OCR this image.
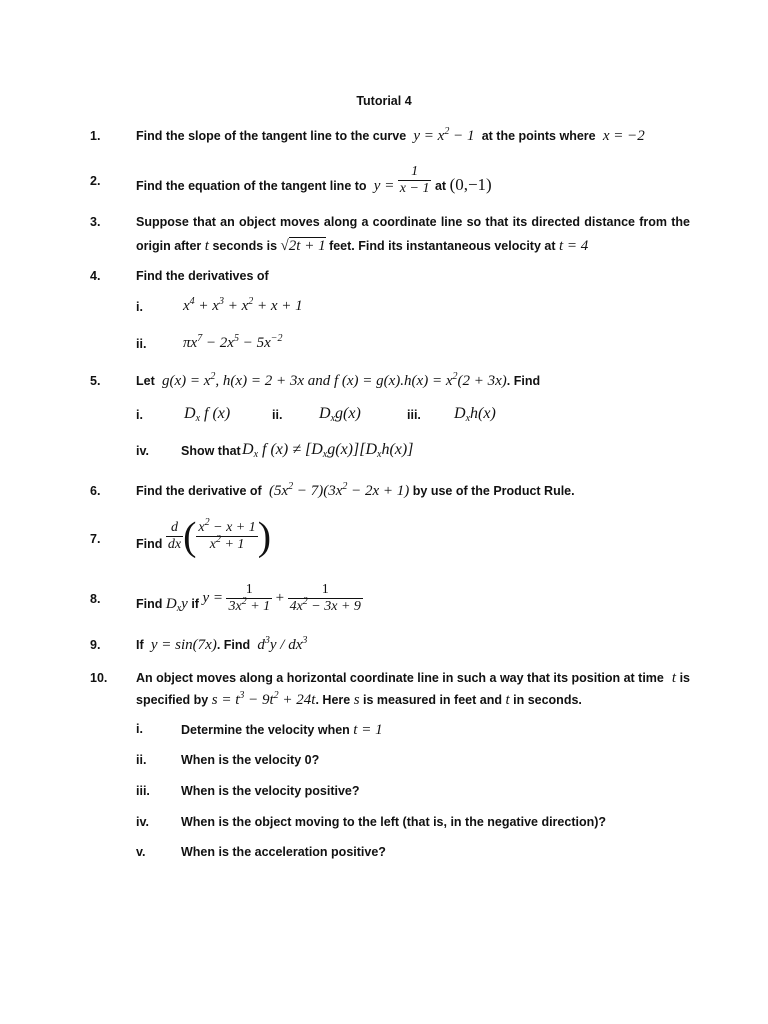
Tutorial 4
1.	Find the slope of the tangent line to the curve  $y = x^2 - 1$  at the points where  x = −2
2.	Find the equation of the tangent line to  $y = \frac{1}{x - 1}$ at (0,−1)
3.	Suppose that an object moves along a coordinate line so that its directed distance from the
origin after t seconds is √2t + 1 feet. Find its instantaneous velocity at t = 4
4.	Find the derivatives of
i.	$x^4 + x^3 + x^2 + x + 1$
ii. $\pi x^7 - 2x^5 - 5x^{-2}$
5.	Let  $g(x) = x^2$, h(x) = 2 + 3x and f $(x) = g(x).h(x) = x^2(2 + 3x)$. Find
i.	$D_x$ f (x)	ii. $D_xg(x)$	iii. $D_xh(x)$
iv.	Show that $D_x$ f $(x) \ne [D_xg(x)][D_xh(x)]$
6.	Find the derivative of  $(5x^2 - 7)(3x^2 - 2x + 1)$ by use of the Product Rule.
7.	Find $\frac{d}{dx}$ ( $\frac{x^2 - x + 1}{x^2 + 1}$ )
8.	Find $D_xy$ if $y = \frac{1}{3x^2 + 1} + \frac{1}{4x^2 - 3x + 9}$
9.	If  y = sin(7x). Find  $d^3y / dx^3$
10. An object moves along a horizontal coordinate line in such a way that its position at time t is
specified by $s = t^3 - 9t^2 + 24t$. Here s is measured in feet and t in seconds.
i.	Determine the velocity when t = 1
ii.	When is the velocity 0?
iii. When is the velocity positive?
iv.	When is the object moving to the left (that is, in the negative direction)?
v.	When is the acceleration positive?
